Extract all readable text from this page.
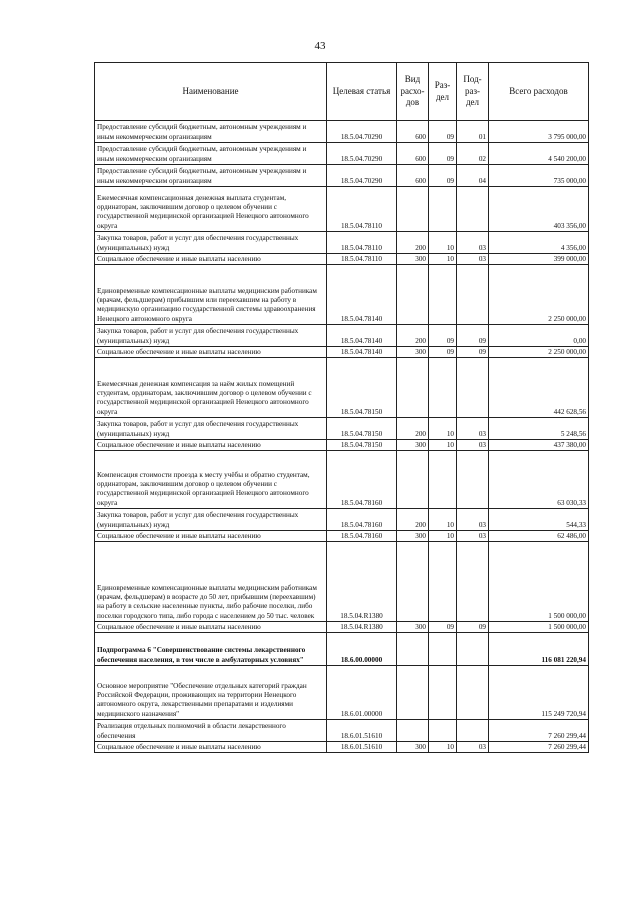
43
Наименование	Целевая статья	Вид расхо-дов	Раз-дел	Под-раз-дел	Всего расходов
Предоставление субсидий бюджетным, автономным учреждениям и иным некоммерческим организациям	18.5.04.70290	600	09	01	3 795 000,00
Предоставление субсидий бюджетным, автономным учреждениям и иным некоммерческим организациям	18.5.04.70290	600	09	02	4 540 200,00
Предоставление субсидий бюджетным, автономным учреждениям и иным некоммерческим организациям	18.5.04.70290	600	09	04	735 000,00
Ежемесячная компенсационная денежная выплата студентам, ординаторам, заключившим договор о целевом обучении с государственной медицинской организацией Ненецкого автономного округа	18.5.04.78110				403 356,00
Закупка товаров, работ и услуг для обеспечения государственных (муниципальных) нужд	18.5.04.78110	200	10	03	4 356,00
Социальное обеспечение и иные выплаты населению	18.5.04.78110	300	10	03	399 000,00
Единовременные компенсационные выплаты медицинским работникам (врачам, фельдшерам) прибывшим или переехавшим на работу в медицинскую организацию государственной системы здравоохранения Ненецкого автономного округа	18.5.04.78140				2 250 000,00
Закупка товаров, работ и услуг для обеспечения государственных (муниципальных) нужд	18.5.04.78140	200	09	09	0,00
Социальное обеспечение и иные выплаты населению	18.5.04.78140	300	09	09	2 250 000,00
Ежемесячная денежная компенсация за наём жилых помещений студентам, ординаторам, заключившим договор о целевом обучении с государственной медицинской организацией Ненецкого автономного округа	18.5.04.78150				442 628,56
Закупка товаров, работ и услуг для обеспечения государственных (муниципальных) нужд	18.5.04.78150	200	10	03	5 248,56
Социальное обеспечение и иные выплаты населению	18.5.04.78150	300	10	03	437 380,00
Компенсация стоимости проезда к месту учёбы и обратно студентам, ординаторам, заключившим договор о целевом обучении с государственной медицинской организацией Ненецкого автономного округа	18.5.04.78160				63 030,33
Закупка товаров, работ и услуг для обеспечения государственных (муниципальных) нужд	18.5.04.78160	200	10	03	544,33
Социальное обеспечение и иные выплаты населению	18.5.04.78160	300	10	03	62 486,00
Единовременные компенсационные выплаты медицинским работникам (врачам, фельдшерам) в возрасте до 50 лет, прибывшим (переехавшим) на работу в сельские населенные пункты, либо рабочие поселки, либо поселки городского типа, либо города с населением до 50 тыс. человек	18.5.04.R1380				1 500 000,00
Социальное обеспечение и иные выплаты населению	18.5.04.R1380	300	09	09	1 500 000,00
Подпрограмма 6 "Совершенствование системы лекарственного обеспечения населения, в том числе в амбулаторных условиях"	18.6.00.00000				116 081 220,94
Основное мероприятие "Обеспечение отдельных категорий граждан Российской Федерации, проживающих на территории Ненецкого автономного округа, лекарственными препаратами и изделиями медицинского назначения"	18.6.01.00000				115 249 720,94
Реализация отдельных полномочий в области лекарственного обеспечения	18.6.01.51610				7 260 299,44
Социальное обеспечение и иные выплаты населению	18.6.01.51610	300	10	03	7 260 299,44
